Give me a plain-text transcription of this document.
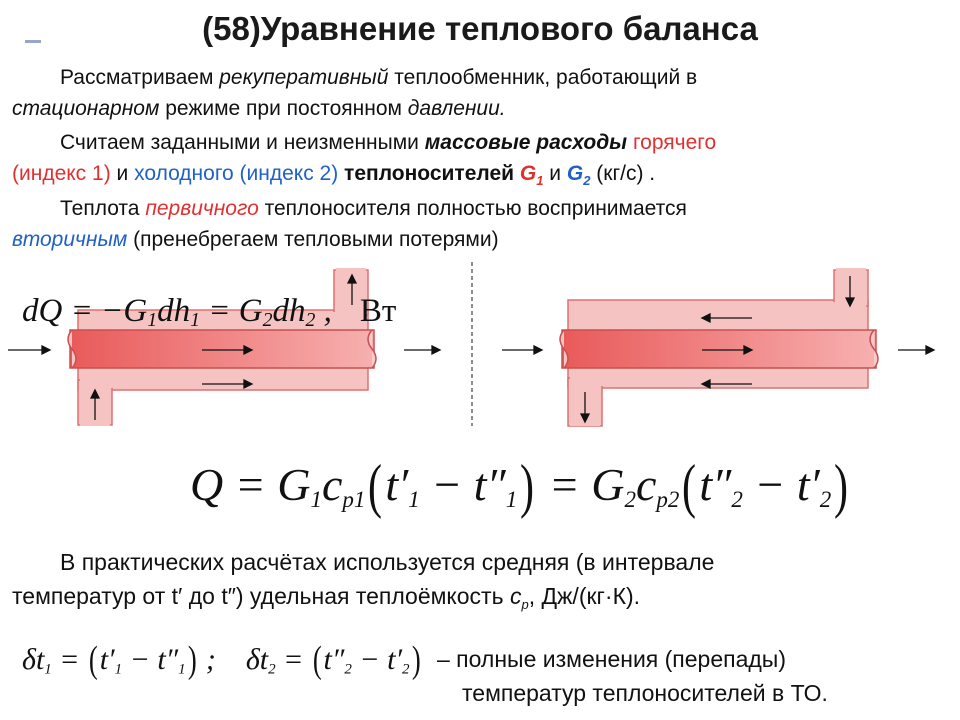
(58)Уравнение теплового баланса
Рассматриваем рекуперативный теплообменник, работающий в
стационарном режиме при постоянном давлении.
Считаем заданными и неизменными массовые расходы горячего
(индекс 1) и холодного (индекс 2) теплоносителей $G_1$ и $G_2$ (кг/с) .
Теплота первичного теплоносителя полностью воспринимается
вторичным (пренебрегаем тепловыми потерями)
dQ = −G1dh1 = G2dh2 , Вт
Q = G1cp1(t′1 − t″1) = G2cp2(t″2 − t′2)
В практических расчётах используется средняя (в интервале
температур от t′ до t″) удельная теплоёмкость $c_p$, Дж/(кг·К).
δt1 = (t′1 − t″1) ; δt2 = (t″2 − t′2) – полные изменения (перепады)
температур теплоносителей в ТО.
